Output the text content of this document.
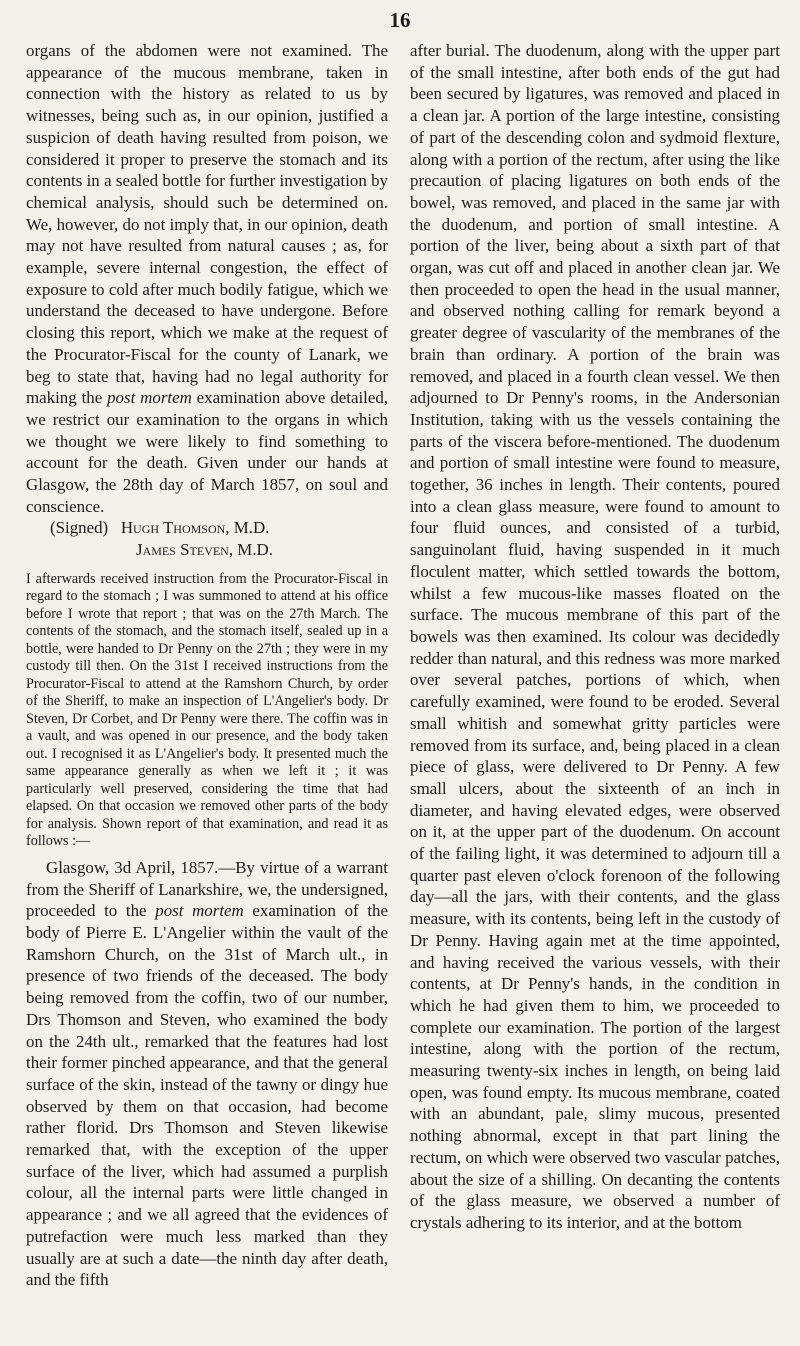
16

organs of the abdomen were not examined. The appearance of the mucous membrane, taken in connection with the history as related to us by witnesses, being such as, in our opinion, justified a suspicion of death having resulted from poison, we considered it proper to preserve the stomach and its contents in a sealed bottle for further investigation by chemical analysis, should such be determined on. We, however, do not imply that, in our opinion, death may not have resulted from natural causes ; as, for example, severe internal congestion, the effect of exposure to cold after much bodily fatigue, which we understand the deceased to have undergone. Before closing this report, which we make at the request of the Procurator-Fiscal for the county of Lanark, we beg to state that, having had no legal authority for making the post mortem examination above detailed, we restrict our examination to the organs in which we thought we were likely to find something to account for the death. Given under our hands at Glasgow, the 28th day of March 1857, on soul and conscience.

(Signed) Hugh Thomson, M.D.

James Steven, M.D.

I afterwards received instruction from the Procurator-Fiscal in regard to the stomach ; I was summoned to attend at his office before I wrote that report ; that was on the 27th March. The contents of the stomach, and the stomach itself, sealed up in a bottle, were handed to Dr Penny on the 27th ; they were in my custody till then. On the 31st I received instructions from the Procurator-Fiscal to attend at the Ramshorn Church, by order of the Sheriff, to make an inspection of L'Angelier's body. Dr Steven, Dr Corbet, and Dr Penny were there. The coffin was in a vault, and was opened in our presence, and the body taken out. I recognised it as L'Angelier's body. It presented much the same appearance generally as when we left it ; it was particularly well preserved, considering the time that had elapsed. On that occasion we removed other parts of the body for analysis. Shown report of that examination, and read it as follows :—

Glasgow, 3d April, 1857.—By virtue of a warrant from the Sheriff of Lanarkshire, we, the undersigned, proceeded to the post mortem examination of the body of Pierre E. L'Angelier within the vault of the Ramshorn Church, on the 31st of March ult., in presence of two friends of the deceased. The body being removed from the coffin, two of our number, Drs Thomson and Steven, who examined the body on the 24th ult., remarked that the features had lost their former pinched appearance, and that the general surface of the skin, instead of the tawny or dingy hue observed by them on that occasion, had become rather florid. Drs Thomson and Steven likewise remarked that, with the exception of the upper surface of the liver, which had assumed a purplish colour, all the internal parts were little changed in appearance ; and we all agreed that the evidences of putrefaction were much less marked than they usually are at such a date—the ninth day after death, and the fifth

after burial. The duodenum, along with the upper part of the small intestine, after both ends of the gut had been secured by ligatures, was removed and placed in a clean jar. A portion of the large intestine, consisting of part of the descending colon and sydmoid flexture, along with a portion of the rectum, after using the like precaution of placing ligatures on both ends of the bowel, was removed, and placed in the same jar with the duodenum, and portion of small intestine. A portion of the liver, being about a sixth part of that organ, was cut off and placed in another clean jar. We then proceeded to open the head in the usual manner, and observed nothing calling for remark beyond a greater degree of vascularity of the membranes of the brain than ordinary. A portion of the brain was removed, and placed in a fourth clean vessel. We then adjourned to Dr Penny's rooms, in the Andersonian Institution, taking with us the vessels containing the parts of the viscera before-mentioned. The duodenum and portion of small intestine were found to measure, together, 36 inches in length. Their contents, poured into a clean glass measure, were found to amount to four fluid ounces, and consisted of a turbid, sanguinolant fluid, having suspended in it much floculent matter, which settled towards the bottom, whilst a few mucous-like masses floated on the surface. The mucous membrane of this part of the bowels was then examined. Its colour was decidedly redder than natural, and this redness was more marked over several patches, portions of which, when carefully examined, were found to be eroded. Several small whitish and somewhat gritty particles were removed from its surface, and, being placed in a clean piece of glass, were delivered to Dr Penny. A few small ulcers, about the sixteenth of an inch in diameter, and having elevated edges, were observed on it, at the upper part of the duodenum. On account of the failing light, it was determined to adjourn till a quarter past eleven o'clock forenoon of the following day—all the jars, with their contents, and the glass measure, with its contents, being left in the custody of Dr Penny. Having again met at the time appointed, and having received the various vessels, with their contents, at Dr Penny's hands, in the condition in which he had given them to him, we proceeded to complete our examination. The portion of the largest intestine, along with the portion of the rectum, measuring twenty-six inches in length, on being laid open, was found empty. Its mucous membrane, coated with an abundant, pale, slimy mucous, presented nothing abnormal, except in that part lining the rectum, on which were observed two vascular patches, about the size of a shilling. On decanting the contents of the glass measure, we observed a number of crystals adhering to its interior, and at the bottom
